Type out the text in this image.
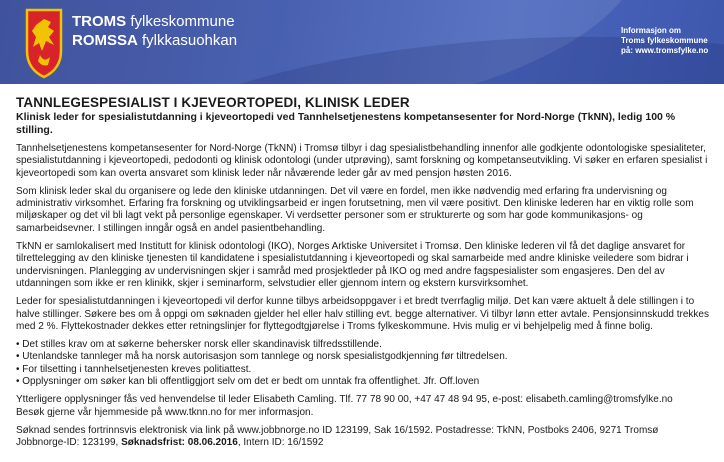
TROMS fylkeskommune
ROMSSA fylkkasuohkan
Informasjon om
Troms fylkeskommune
på: www.tromsfylke.no
TANNLEGESPESIALIST I KJEVEORTOPEDI, KLINISK LEDER
Klinisk leder for spesialistutdanning i kjeveortopedi ved Tannhelsetjenestens kompetansesenter for Nord-Norge (TkNN), ledig 100 % stilling.

Tannhelsetjenestens kompetansesenter for Nord-Norge (TkNN) i Tromsø tilbyr i dag spesialistbehandling innenfor alle godkjente odontologiske spesialiteter, spesialistutdanning i kjeveortopedi, pedodonti og klinisk odontologi (under utprøving), samt forskning og kompetanseutvikling. Vi søker en erfaren spesialist i kjeveortopedi som kan overta ansvaret som klinisk leder når nåværende leder går av med pensjon høsten 2016.

Som klinisk leder skal du organisere og lede den kliniske utdanningen. Det vil være en fordel, men ikke nødvendig med erfaring fra undervisning og administrativ virksomhet. Erfaring fra forskning og utviklingsarbeid er ingen forutsetning, men vil være positivt. Den kliniske lederen har en viktig rolle som miljøskaper og det vil bli lagt vekt på personlige egenskaper. Vi verdsetter personer som er strukturerte og som har gode kommunikasjons- og samarbeidsevner. I stillingen inngår også en andel pasientbehandling.

TkNN er samlokalisert med Institutt for klinisk odontologi (IKO), Norges Arktiske Universitet i Tromsø. Den kliniske lederen vil få det daglige ansvaret for tilrettelegging av den kliniske tjenesten til kandidatene i spesialistutdanning i kjeveortopedi og skal samarbeide med andre kliniske veiledere som bidrar i undervisningen. Planlegging av undervisningen skjer i samråd med prosjektleder på IKO og med andre fagspesialister som engasjeres. Den del av utdanningen som ikke er ren klinikk, skjer i seminarform, selvstudier eller gjennom intern og ekstern kursvirksomhet.

Leder for spesialistutdanningen i kjeveortopedi vil derfor kunne tilbys arbeidsoppgaver i et bredt tverrfaglig miljø. Det kan være aktuelt å dele stillingen i to halve stillinger. Søkere bes om å oppgi om søknaden gjelder hel eller halv stilling evt. begge alternativer. Vi tilbyr lønn etter avtale. Pensjonsinnskudd trekkes med 2 %. Flyttekostnader dekkes etter retningslinjer for flyttegodtgjørelse i Troms fylkeskommune. Hvis mulig er vi behjelpelig med å finne bolig.

• Det stilles krav om at søkerne behersker norsk eller skandinavisk tilfredsstillende.
• Utenlandske tannleger må ha norsk autorisasjon som tannlege og norsk spesialistgodkjenning før tiltredelsen.
• For tilsetting i tannhelsetjenesten kreves politiattest.
• Opplysninger om søker kan bli offentliggjort selv om det er bedt om unntak fra offentlighet. Jfr. Off.loven

Ytterligere opplysninger fås ved henvendelse til leder Elisabeth Camling. Tlf. 77 78 90 00, +47 47 48 94 95, e-post: elisabeth.camling@tromsfylke.no
Besøk gjerne vår hjemmeside på www.tknn.no for mer informasjon.

Søknad sendes fortrinnsvis elektronisk via link på www.jobbnorge.no ID 123199, Sak 16/1592. Postadresse: TkNN, Postboks 2406, 9271 Tromsø
Jobbnorge-ID: 123199, Søknadsfrist: 08.06.2016, Intern ID: 16/1592
